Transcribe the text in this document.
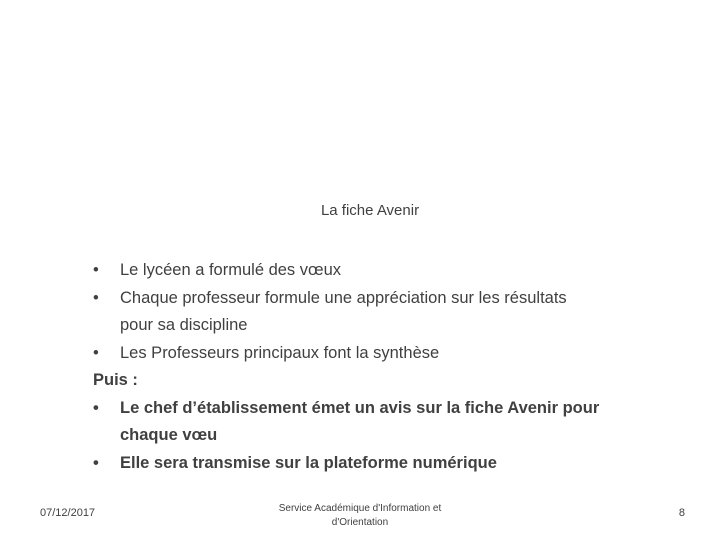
La fiche Avenir
• Le lycéen a formulé des vœux
• Chaque professeur formule une appréciation sur les résultats
pour sa discipline
• Les Professeurs principaux font la synthèse
Puis :
• Le chef d’établissement émet un avis sur la fiche Avenir pour
chaque vœu
• Elle sera transmise sur la plateforme numérique
07/12/2017	Service Académique d'Information et
d'Orientation
8
